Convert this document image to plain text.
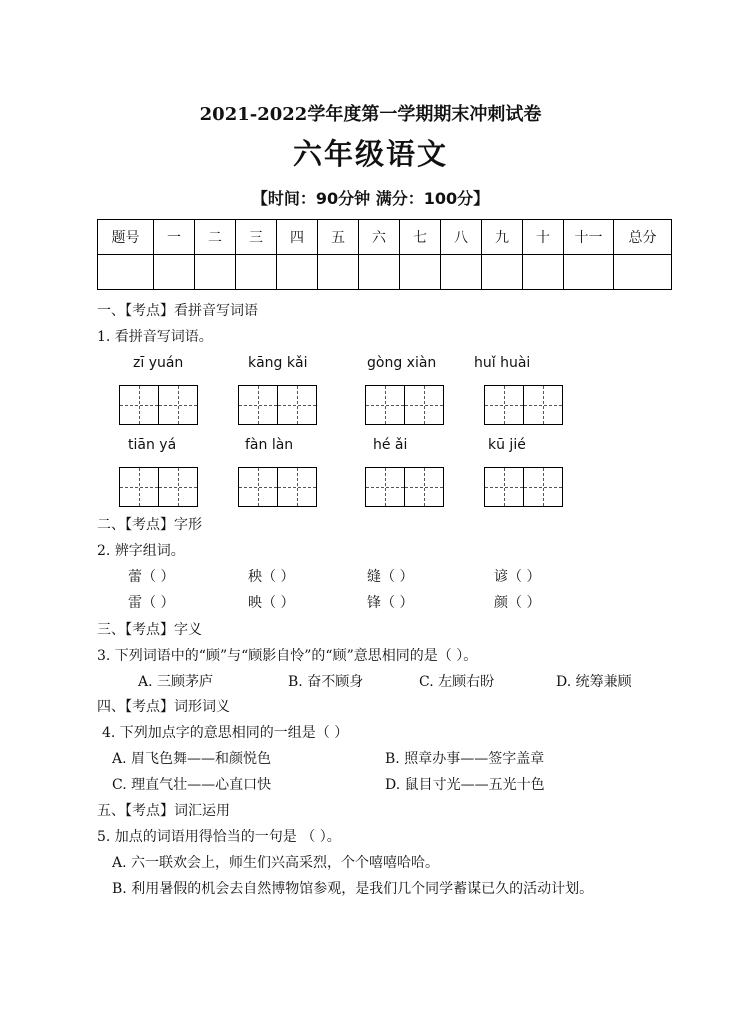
2021-2022学年度第一学期期末冲刺试卷
六年级语文
【时间：90分钟 满分：100分】
题号	一	二	三	四	五	六	七	八	九	十	十一	总分

一、【考点】看拼音写词语
1. 看拼音写词语。
zī yuán	kāng kǎi	gòng xiàn	huǐ huài
tiān yá	fàn làn	hé ǎi	kū jié
二、【考点】字形
2. 辨字组词。
蕾（ ）	秧（ ）	缝（ ）	谚（ ）
雷（ ）	映（ ）	锋（ ）	颜（ ）
三、【考点】字义
3. 下列词语中的“顾”与“顾影自怜”的“顾”意思相同的是（ ）。
A. 三顾茅庐	B. 奋不顾身	C. 左顾右盼	D. 统筹兼顾
四、【考点】词形词义
4. 下列加点字的意思相同的一组是（ ）
A. 眉飞色舞——和颜悦色	B. 照章办事——签字盖章
C. 理直气壮——心直口快	D. 鼠目寸光——五光十色
五、【考点】词汇运用
5. 加点的词语用得恰当的一句是 （ ）。
A. 六一联欢会上，师生们兴高采烈，个个嘻嘻哈哈。
B. 利用暑假的机会去自然博物馆参观，是我们几个同学蓄谋已久的活动计划。
